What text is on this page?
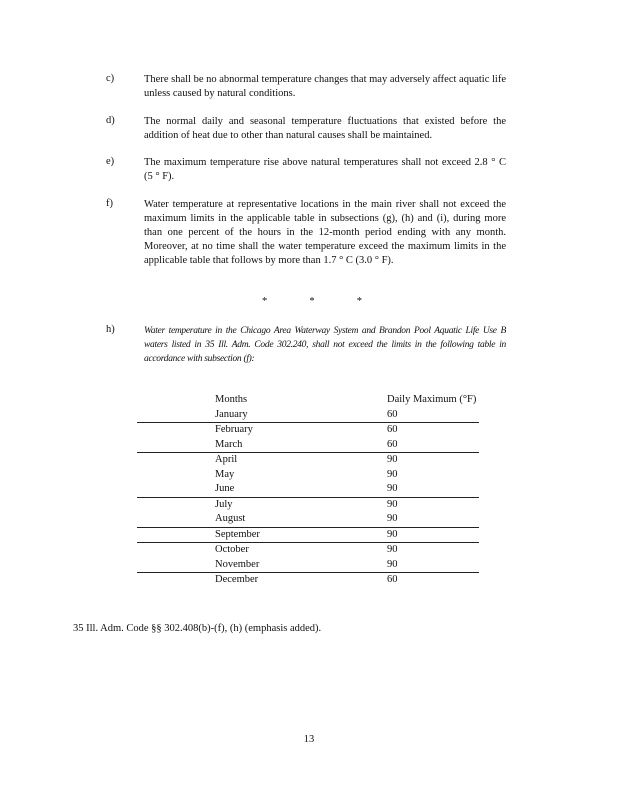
c)	There shall be no abnormal temperature changes that may adversely affect aquatic life unless caused by natural conditions.
d)	The normal daily and seasonal temperature fluctuations that existed before the addition of heat due to other than natural causes shall be maintained.
e)	The maximum temperature rise above natural temperatures shall not exceed 2.8 ° C (5 ° F).
f)	Water temperature at representative locations in the main river shall not exceed the maximum limits in the applicable table in subsections (g), (h) and (i), during more than one percent of the hours in the 12-month period ending with any month. Moreover, at no time shall the water temperature exceed the maximum limits in the applicable table that follows by more than 1.7 ° C (3.0 ° F).
*	*	*
h)	Water temperature in the Chicago Area Waterway System and Brandon Pool Aquatic Life Use B waters listed in 35 Ill. Adm. Code 302.240, shall not exceed the limits in the following table in accordance with subsection (f):
Months	Daily Maximum (°F)
January	60
February	60
March	60
April	90
May	90
June	90
July	90
August	90
September	90
October	90
November	90
December	60
35 Ill. Adm. Code §§ 302.408(b)-(f), (h) (emphasis added).
13
